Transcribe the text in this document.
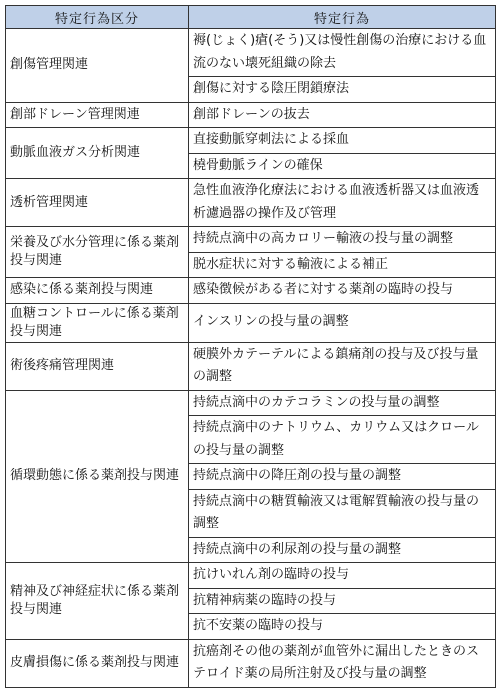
特定行為区分	特定行為
創傷管理関連	褥(じょく)瘡(そう)又は慢性創傷の治療における血流のない壊死組織の除去
	創傷に対する陰圧閉鎖療法
創部ドレーン管理関連	創部ドレーンの抜去
動脈血液ガス分析関連	直接動脈穿刺法による採血
	橈骨動脈ラインの確保
透析管理関連	急性血液浄化療法における血液透析器又は血液透析濾過器の操作及び管理
栄養及び水分管理に係る薬剤投与関連	持続点滴中の高カロリー輸液の投与量の調整
	脱水症状に対する輸液による補正
感染に係る薬剤投与関連	感染徴候がある者に対する薬剤の臨時の投与
血糖コントロールに係る薬剤投与関連	インスリンの投与量の調整
術後疼痛管理関連	硬膜外カテーテルによる鎮痛剤の投与及び投与量の調整
循環動態に係る薬剤投与関連	持続点滴中のカテコラミンの投与量の調整
	持続点滴中のナトリウム、カリウム又はクロールの投与量の調整
	持続点滴中の降圧剤の投与量の調整
	持続点滴中の糖質輸液又は電解質輸液の投与量の調整
	持続点滴中の利尿剤の投与量の調整
精神及び神経症状に係る薬剤投与関連	抗けいれん剤の臨時の投与
	抗精神病薬の臨時の投与
	抗不安薬の臨時の投与
皮膚損傷に係る薬剤投与関連	抗癌剤その他の薬剤が血管外に漏出したときのステロイド薬の局所注射及び投与量の調整
